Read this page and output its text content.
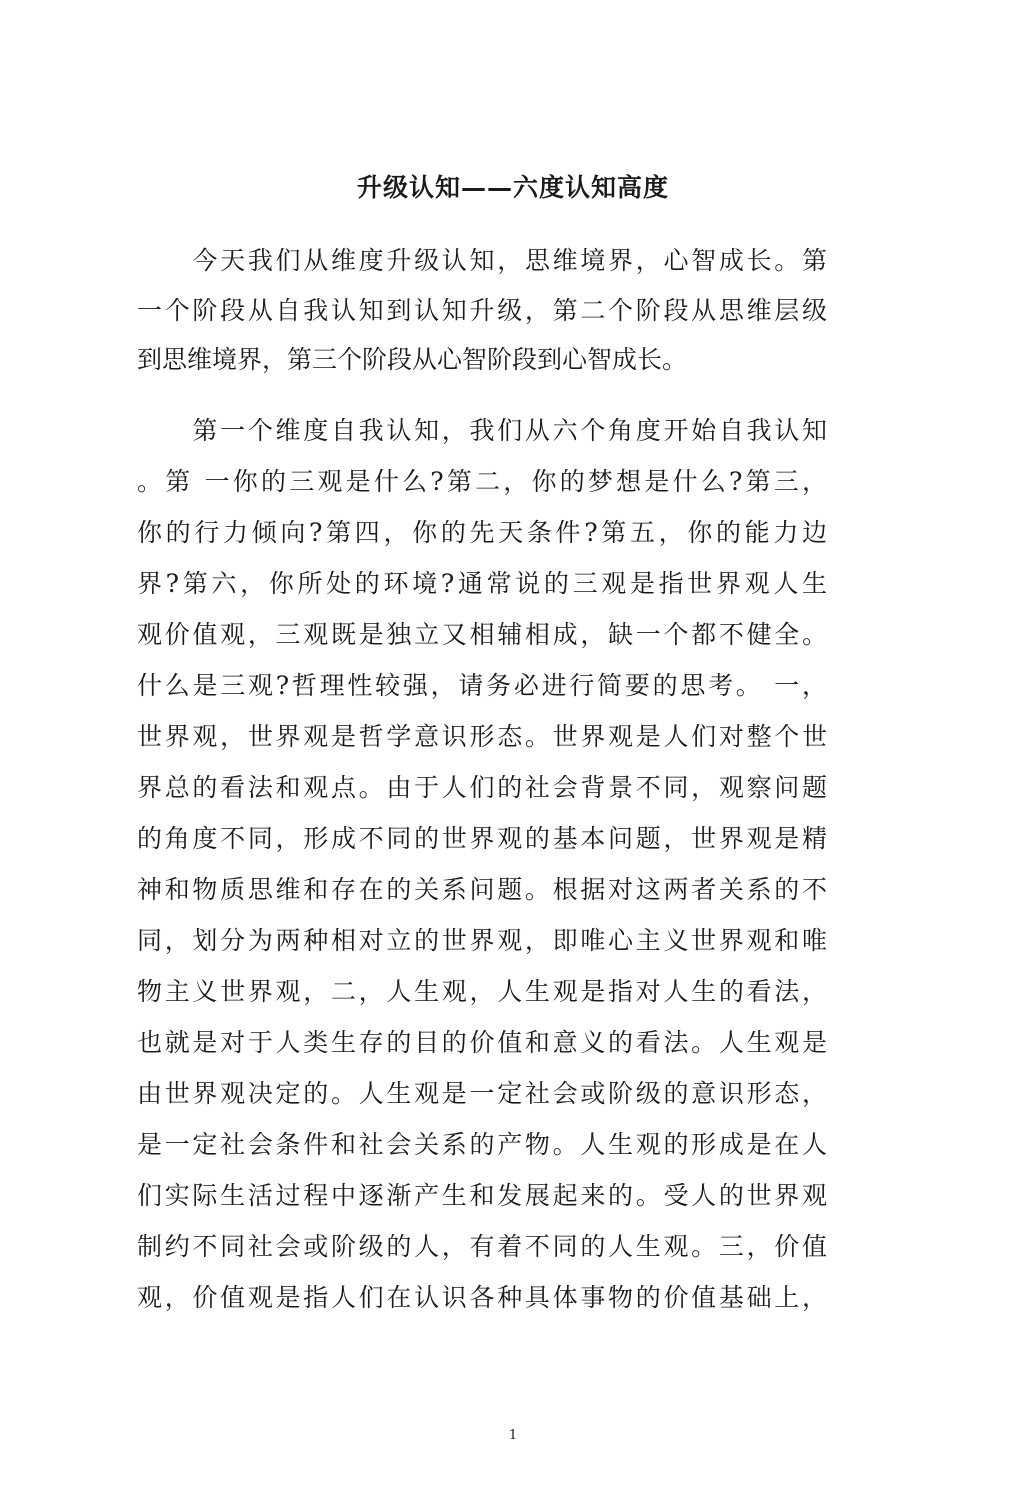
升级认知——六度认知高度

　　今天我们从维度升级认知，思维境界，心智成长。第

一个阶段从自我认知到认知升级，第二个阶段从思维层级

到思维境界，第三个阶段从心智阶段到心智成长。

　　第一个维度自我认知，我们从六个角度开始自我认知

。第 一你的三观是什么?第二，你的梦想是什么?第三，

你的行力倾向?第四，你的先天条件?第五，你的能力边

界?第六，你所处的环境?通常说的三观是指世界观人生

观价值观，三观既是独立又相辅相成，缺一个都不健全。

什么是三观?哲理性较强，请务必进行简要的思考。 一，

世界观，世界观是哲学意识形态。世界观是人们对整个世

界总的看法和观点。由于人们的社会背景不同，观察问题

的角度不同，形成不同的世界观的基本问题，世界观是精

神和物质思维和存在的关系问题。根据对这两者关系的不

同，划分为两种相对立的世界观，即唯心主义世界观和唯

物主义世界观，二，人生观，人生观是指对人生的看法，

也就是对于人类生存的目的价值和意义的看法。人生观是

由世界观决定的。人生观是一定社会或阶级的意识形态，

是一定社会条件和社会关系的产物。人生观的形成是在人

们实际生活过程中逐渐产生和发展起来的。受人的世界观

制约不同社会或阶级的人，有着不同的人生观。三，价值

观，价值观是指人们在认识各种具体事物的价值基础上，

1
